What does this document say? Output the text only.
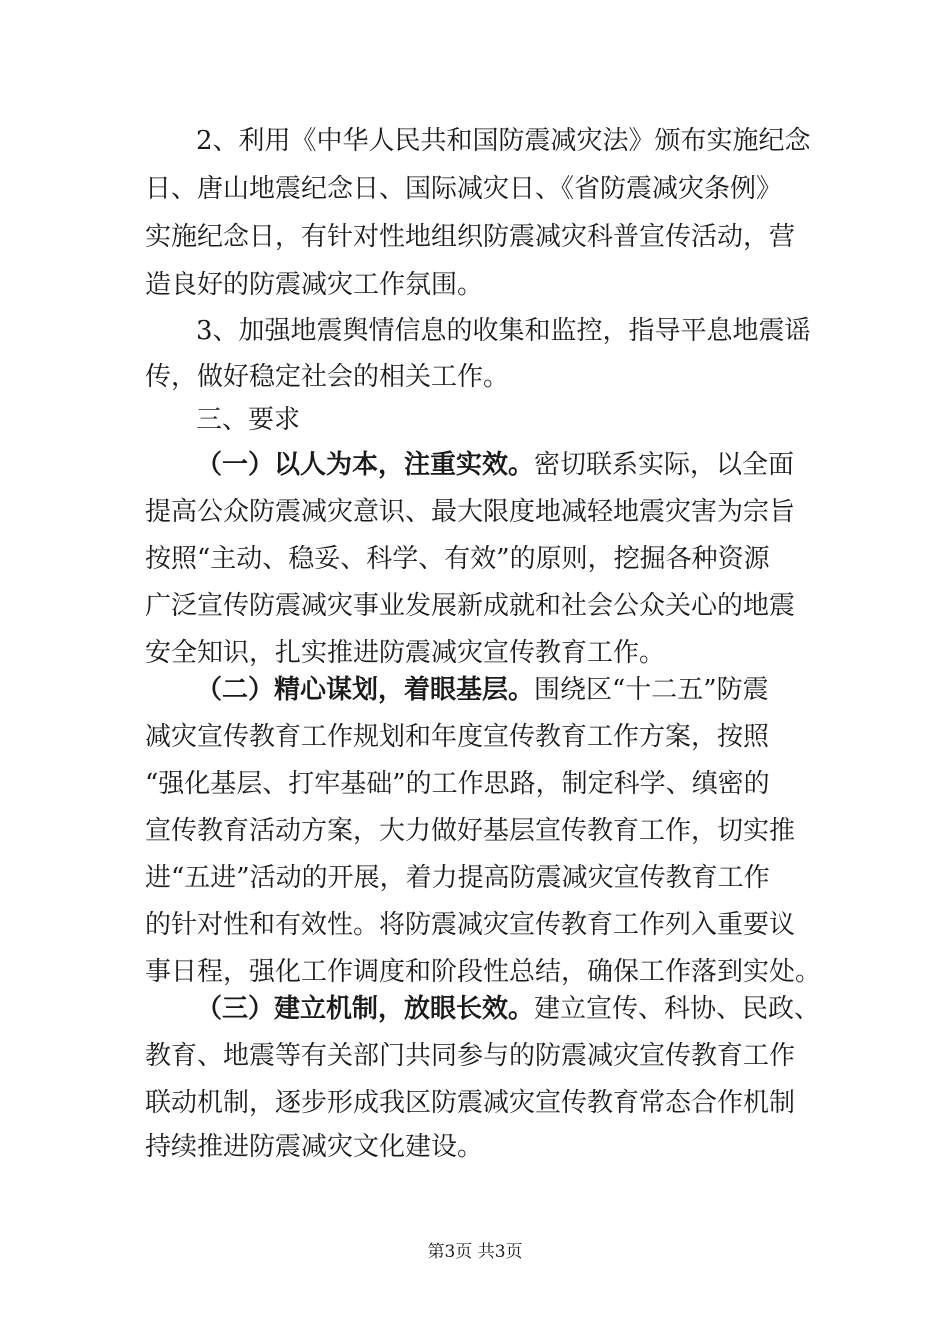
2、利用《中华人民共和国防震减灾法》颁布实施纪念
日、唐山地震纪念日、国际减灾日、《省防震减灾条例》
实施纪念日，有针对性地组织防震减灾科普宣传活动，营
造良好的防震减灾工作氛围。
3、加强地震舆情信息的收集和监控，指导平息地震谣
传，做好稳定社会的相关工作。
三、要求
（一）以人为本，注重实效。密切联系实际，以全面
提高公众防震减灾意识、最大限度地减轻地震灾害为宗旨
按照“主动、稳妥、科学、有效”的原则，挖掘各种资源
广泛宣传防震减灾事业发展新成就和社会公众关心的地震
安全知识，扎实推进防震减灾宣传教育工作。
（二）精心谋划，着眼基层。围绕区“十二五”防震
减灾宣传教育工作规划和年度宣传教育工作方案，按照
“强化基层、打牢基础”的工作思路，制定科学、缜密的
宣传教育活动方案，大力做好基层宣传教育工作，切实推
进“五进”活动的开展，着力提高防震减灾宣传教育工作
的针对性和有效性。将防震减灾宣传教育工作列入重要议
事日程，强化工作调度和阶段性总结，确保工作落到实处。
（三）建立机制，放眼长效。建立宣传、科协、民政、
教育、地震等有关部门共同参与的防震减灾宣传教育工作
联动机制，逐步形成我区防震减灾宣传教育常态合作机制
持续推进防震减灾文化建设。
第3页 共3页
